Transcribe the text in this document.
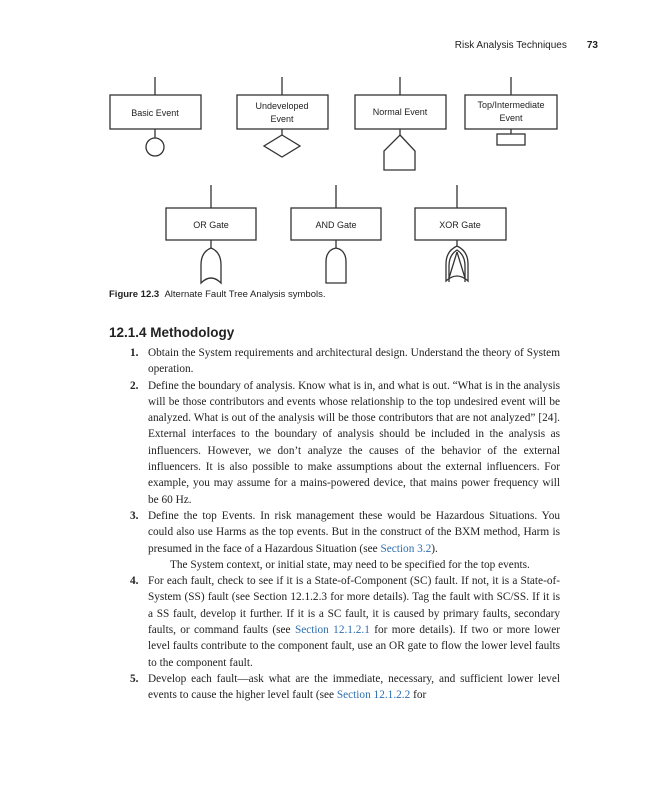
Risk Analysis Techniques 73
Basic Event
Undeveloped
Event
Normal Event
Top/Intermediate
Event
OR Gate	AND Gate	XOR Gate
Figure 12.3 Alternate Fault Tree Analysis symbols.
12.1.4 Methodology
1. Obtain the System requirements and architectural design. Understand the theory of System operation.

2. Define the boundary of analysis. Know what is in, and what is out. “What is in the analysis will be those contributors and events whose relationship to the top undesired event will be analyzed. What is out of the analysis will be those contributors that are not analyzed” [24]. External interfaces to the boundary of analysis should be included in the analysis as influencers. However, we don’t analyze the causes of the behavior of the external influencers. It is also possible to make assumptions about the external influencers. For example, you may assume for a mains-powered device, that mains power frequency will be 60 Hz.

3. Define the top Events. In risk management these would be Hazardous Situations. You could also use Harms as the top events. But in the construct of the BXM method, Harm is presumed in the face of a Hazardous Situation (see Section 3.2).

The System context, or initial state, may need to be specified for the top events.

4. For each fault, check to see if it is a State-of-Component (SC) fault. If not, it is a State-of-System (SS) fault (see Section 12.1.2.3 for more details). Tag the fault with SC/SS. If it is a SS fault, develop it further. If it is a SC fault, it is caused by primary faults, secondary faults, or command faults (see Section 12.1.2.1 for more details). If two or more lower level faults contribute to the component fault, use an OR gate to flow the lower level faults to the component fault.

5. Develop each fault—ask what are the immediate, necessary, and sufficient lower level events to cause the higher level fault (see Section 12.1.2.2 for
